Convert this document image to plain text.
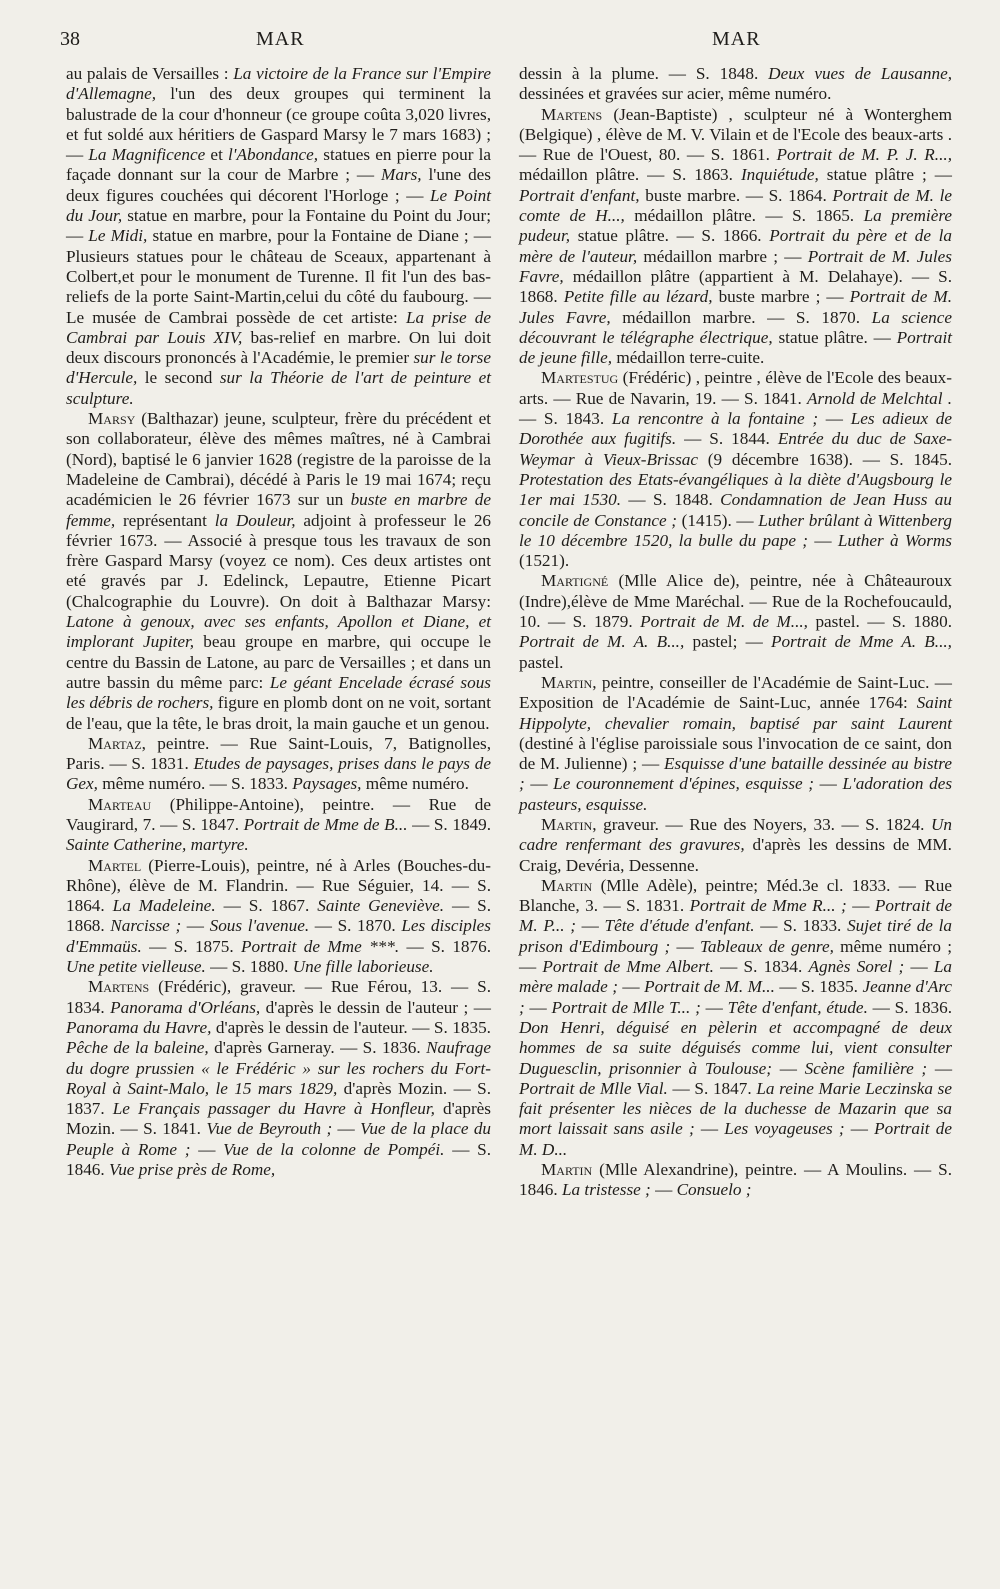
38	MAR	MAR

au palais de Versailles : La victoire de la France sur l'Empire d'Allemagne, l'un des deux groupes qui terminent la balustrade de la cour d'honneur (ce groupe coûta 3,020 livres, et fut soldé aux héritiers de Gaspard Marsy le 7 mars 1683) ; — La Magnificence et l'Abondance, statues en pierre pour la façade donnant sur la cour de Marbre ; — Mars, l'une des deux figures couchées qui décorent l'Horloge ; — Le Point du Jour, statue en marbre, pour la Fontaine du Point du Jour; — Le Midi, statue en marbre, pour la Fontaine de Diane ; — Plusieurs statues pour le château de Sceaux, appartenant à Colbert,et pour le monument de Turenne. Il fit l'un des bas-reliefs de la porte Saint-Martin,celui du côté du faubourg. — Le musée de Cambrai possède de cet artiste: La prise de Cambrai par Louis XIV, bas-relief en marbre. On lui doit deux discours prononcés à l'Académie, le premier sur le torse d'Hercule, le second sur la Théorie de l'art de peinture et sculpture.

Marsy (Balthazar) jeune, sculpteur, frère du précédent et son collaborateur, élève des mêmes maîtres, né à Cambrai (Nord), baptisé le 6 janvier 1628 (registre de la paroisse de la Madeleine de Cambrai), décédé à Paris le 19 mai 1674; reçu académicien le 26 février 1673 sur un buste en marbre de femme, représentant la Douleur, adjoint à professeur le 26 février 1673. — Associé à presque tous les travaux de son frère Gaspard Marsy (voyez ce nom). Ces deux artistes ont eté gravés par J. Edelinck, Lepautre, Etienne Picart (Chalcographie du Louvre). On doit à Balthazar Marsy: Latone à genoux, avec ses enfants, Apollon et Diane, et implorant Jupiter, beau groupe en marbre, qui occupe le centre du Bassin de Latone, au parc de Versailles ; et dans un autre bassin du même parc: Le géant Encelade écrasé sous les débris de rochers, figure en plomb dont on ne voit, sortant de l'eau, que la tête, le bras droit, la main gauche et un genou.

Martaz, peintre. — Rue Saint-Louis, 7, Batignolles, Paris. — S. 1831. Etudes de paysages, prises dans le pays de Gex, même numéro. — S. 1833. Paysages, même numéro.

Marteau (Philippe-Antoine), peintre. — Rue de Vaugirard, 7. — S. 1847. Portrait de Mme de B... — S. 1849. Sainte Catherine, martyre.

Martel (Pierre-Louis), peintre, né à Arles (Bouches-du-Rhône), élève de M. Flandrin. — Rue Séguier, 14. — S. 1864. La Madeleine. — S. 1867. Sainte Geneviève. — S. 1868. Narcisse ; — Sous l'avenue. — S. 1870. Les disciples d'Emmaüs. — S. 1875. Portrait de Mme ***. — S. 1876. Une petite vielleuse. — S. 1880. Une fille laborieuse.

Martens (Frédéric), graveur. — Rue Férou, 13. — S. 1834. Panorama d'Orléans, d'après le dessin de l'auteur ; — Panorama du Havre, d'après le dessin de l'auteur. — S. 1835. Pêche de la baleine, d'après Garneray. — S. 1836. Naufrage du dogre prussien « le Frédéric » sur les rochers du Fort-Royal à Saint-Malo, le 15 mars 1829, d'après Mozin. — S. 1837. Le Français passager du Havre à Honfleur, d'après Mozin. — S. 1841. Vue de Beyrouth ; — Vue de la place du Peuple à Rome ; — Vue de la colonne de Pompéi. — S. 1846. Vue prise près de Rome,

dessin à la plume. — S. 1848. Deux vues de Lausanne, dessinées et gravées sur acier, même numéro.

Martens (Jean-Baptiste) , sculpteur né à Wonterghem (Belgique) , élève de M. V. Vilain et de l'Ecole des beaux-arts . — Rue de l'Ouest, 80. — S. 1861. Portrait de M. P. J. R..., médaillon plâtre. — S. 1863. Inquiétude, statue plâtre ; — Portrait d'enfant, buste marbre. — S. 1864. Portrait de M. le comte de H..., médaillon plâtre. — S. 1865. La première pudeur, statue plâtre. — S. 1866. Portrait du père et de la mère de l'auteur, médaillon marbre ; — Portrait de M. Jules Favre, médaillon plâtre (appartient à M. Delahaye). — S. 1868. Petite fille au lézard, buste marbre ; — Portrait de M. Jules Favre, médaillon marbre. — S. 1870. La science découvrant le télégraphe électrique, statue plâtre. — Portrait de jeune fille, médaillon terre-cuite.

Martestug (Frédéric) , peintre , élève de l'Ecole des beaux-arts. — Rue de Navarin, 19. — S. 1841. Arnold de Melchtal . — S. 1843. La rencontre à la fontaine ; — Les adieux de Dorothée aux fugitifs. — S. 1844. Entrée du duc de Saxe-Weymar à Vieux-Brissac (9 décembre 1638). — S. 1845. Protestation des Etats-évangéliques à la diète d'Augsbourg le 1er mai 1530. — S. 1848. Condamnation de Jean Huss au concile de Constance ; (1415). — Luther brûlant à Wittenberg le 10 décembre 1520, la bulle du pape ; — Luther à Worms (1521).

Martigné (Mlle Alice de), peintre, née à Châteauroux (Indre),élève de Mme Maréchal. — Rue de la Rochefoucauld, 10. — S. 1879. Portrait de M. de M..., pastel. — S. 1880. Portrait de M. A. B..., pastel; — Portrait de Mme A. B..., pastel.

Martin, peintre, conseiller de l'Académie de Saint-Luc. — Exposition de l'Académie de Saint-Luc, année 1764: Saint Hippolyte, chevalier romain, baptisé par saint Laurent (destiné à l'église paroissiale sous l'invocation de ce saint, don de M. Julienne) ; — Esquisse d'une bataille dessinée au bistre ; — Le couronnement d'épines, esquisse ; — L'adoration des pasteurs, esquisse.

Martin, graveur. — Rue des Noyers, 33. — S. 1824. Un cadre renfermant des gravures, d'après les dessins de MM. Craig, Devéria, Dessenne.

Martin (Mlle Adèle), peintre; Méd.3e cl. 1833. — Rue Blanche, 3. — S. 1831. Portrait de Mme R... ; — Portrait de M. P... ; — Tête d'étude d'enfant. — S. 1833. Sujet tiré de la prison d'Edimbourg ; — Tableaux de genre, même numéro ; — Portrait de Mme Albert. — S. 1834. Agnès Sorel ; — La mère malade ; — Portrait de M. M... — S. 1835. Jeanne d'Arc ; — Portrait de Mlle T... ; — Tête d'enfant, étude. — S. 1836. Don Henri, déguisé en pèlerin et accompagné de deux hommes de sa suite déguisés comme lui, vient consulter Duguesclin, prisonnier à Toulouse; — Scène familière ; — Portrait de Mlle Vial. — S. 1847. La reine Marie Leczinska se fait présenter les nièces de la duchesse de Mazarin que sa mort laissait sans asile ; — Les voyageuses ; — Portrait de M. D...

Martin (Mlle Alexandrine), peintre. — A Moulins. — S. 1846. La tristesse ; — Consuelo ;
